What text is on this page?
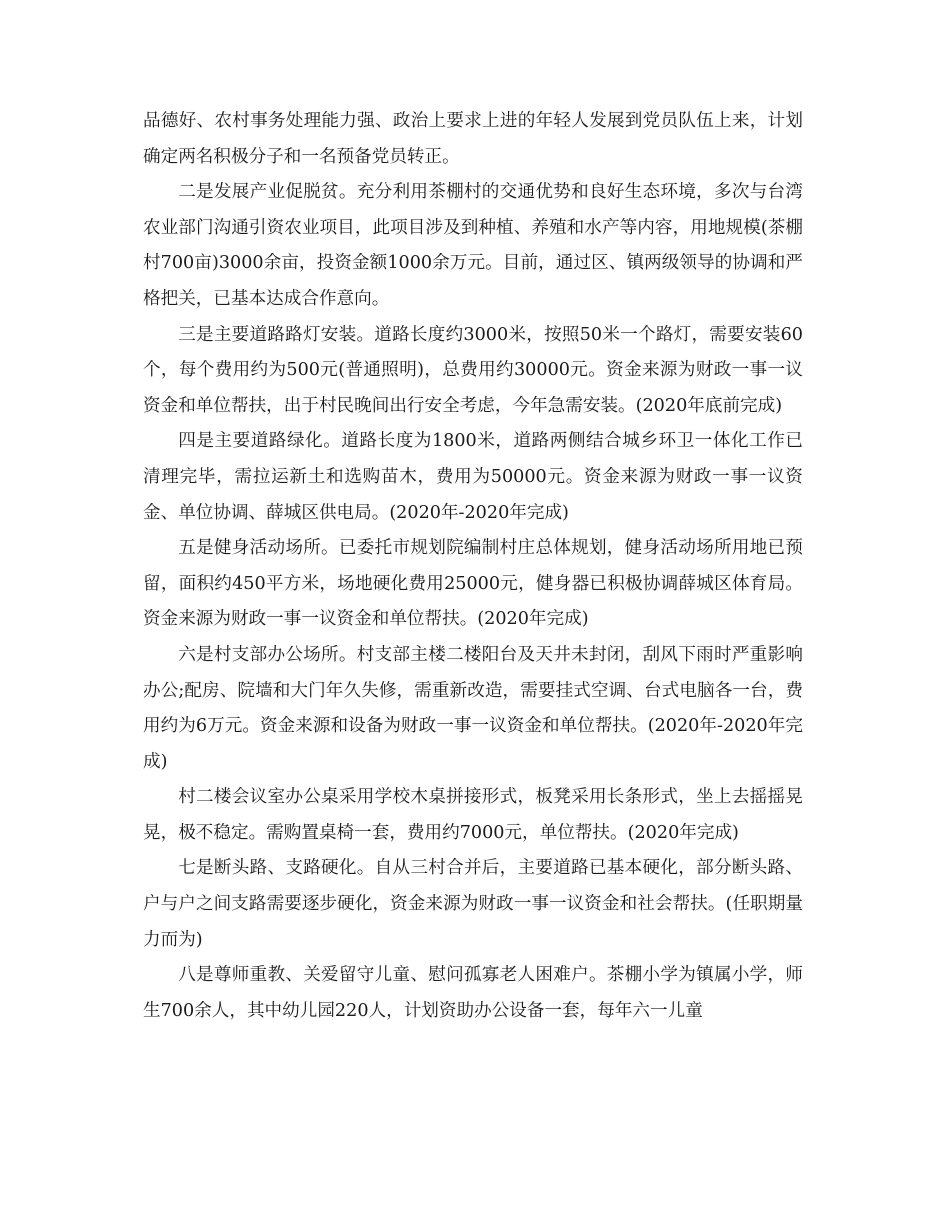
品德好、农村事务处理能力强、政治上要求上进的年轻人发展到党员队伍上来，计划确定两名积极分子和一名预备党员转正。

二是发展产业促脱贫。充分利用茶棚村的交通优势和良好生态环境，多次与台湾农业部门沟通引资农业项目，此项目涉及到种植、养殖和水产等内容，用地规模(茶棚村700亩)3000余亩，投资金额1000余万元。目前，通过区、镇两级领导的协调和严格把关，已基本达成合作意向。

三是主要道路路灯安装。道路长度约3000米，按照50米一个路灯，需要安装60个，每个费用约为500元(普通照明)，总费用约30000元。资金来源为财政一事一议资金和单位帮扶，出于村民晚间出行安全考虑，今年急需安装。(2020年底前完成)

四是主要道路绿化。道路长度为1800米，道路两侧结合城乡环卫一体化工作已清理完毕，需拉运新土和选购苗木，费用为50000元。资金来源为财政一事一议资金、单位协调、薛城区供电局。(2020年-2020年完成)

五是健身活动场所。已委托市规划院编制村庄总体规划，健身活动场所用地已预留，面积约450平方米，场地硬化费用25000元，健身器已积极协调薛城区体育局。资金来源为财政一事一议资金和单位帮扶。(2020年完成)

六是村支部办公场所。村支部主楼二楼阳台及天井未封闭，刮风下雨时严重影响办公;配房、院墙和大门年久失修，需重新改造，需要挂式空调、台式电脑各一台，费用约为6万元。资金来源和设备为财政一事一议资金和单位帮扶。(2020年-2020年完成)

村二楼会议室办公桌采用学校木桌拼接形式，板凳采用长条形式，坐上去摇摇晃晃，极不稳定。需购置桌椅一套，费用约7000元，单位帮扶。(2020年完成)

七是断头路、支路硬化。自从三村合并后，主要道路已基本硬化，部分断头路、户与户之间支路需要逐步硬化，资金来源为财政一事一议资金和社会帮扶。(任职期量力而为)

八是尊师重教、关爱留守儿童、慰问孤寡老人困难户。茶棚小学为镇属小学，师生700余人，其中幼儿园220人，计划资助办公设备一套，每年六一儿童
